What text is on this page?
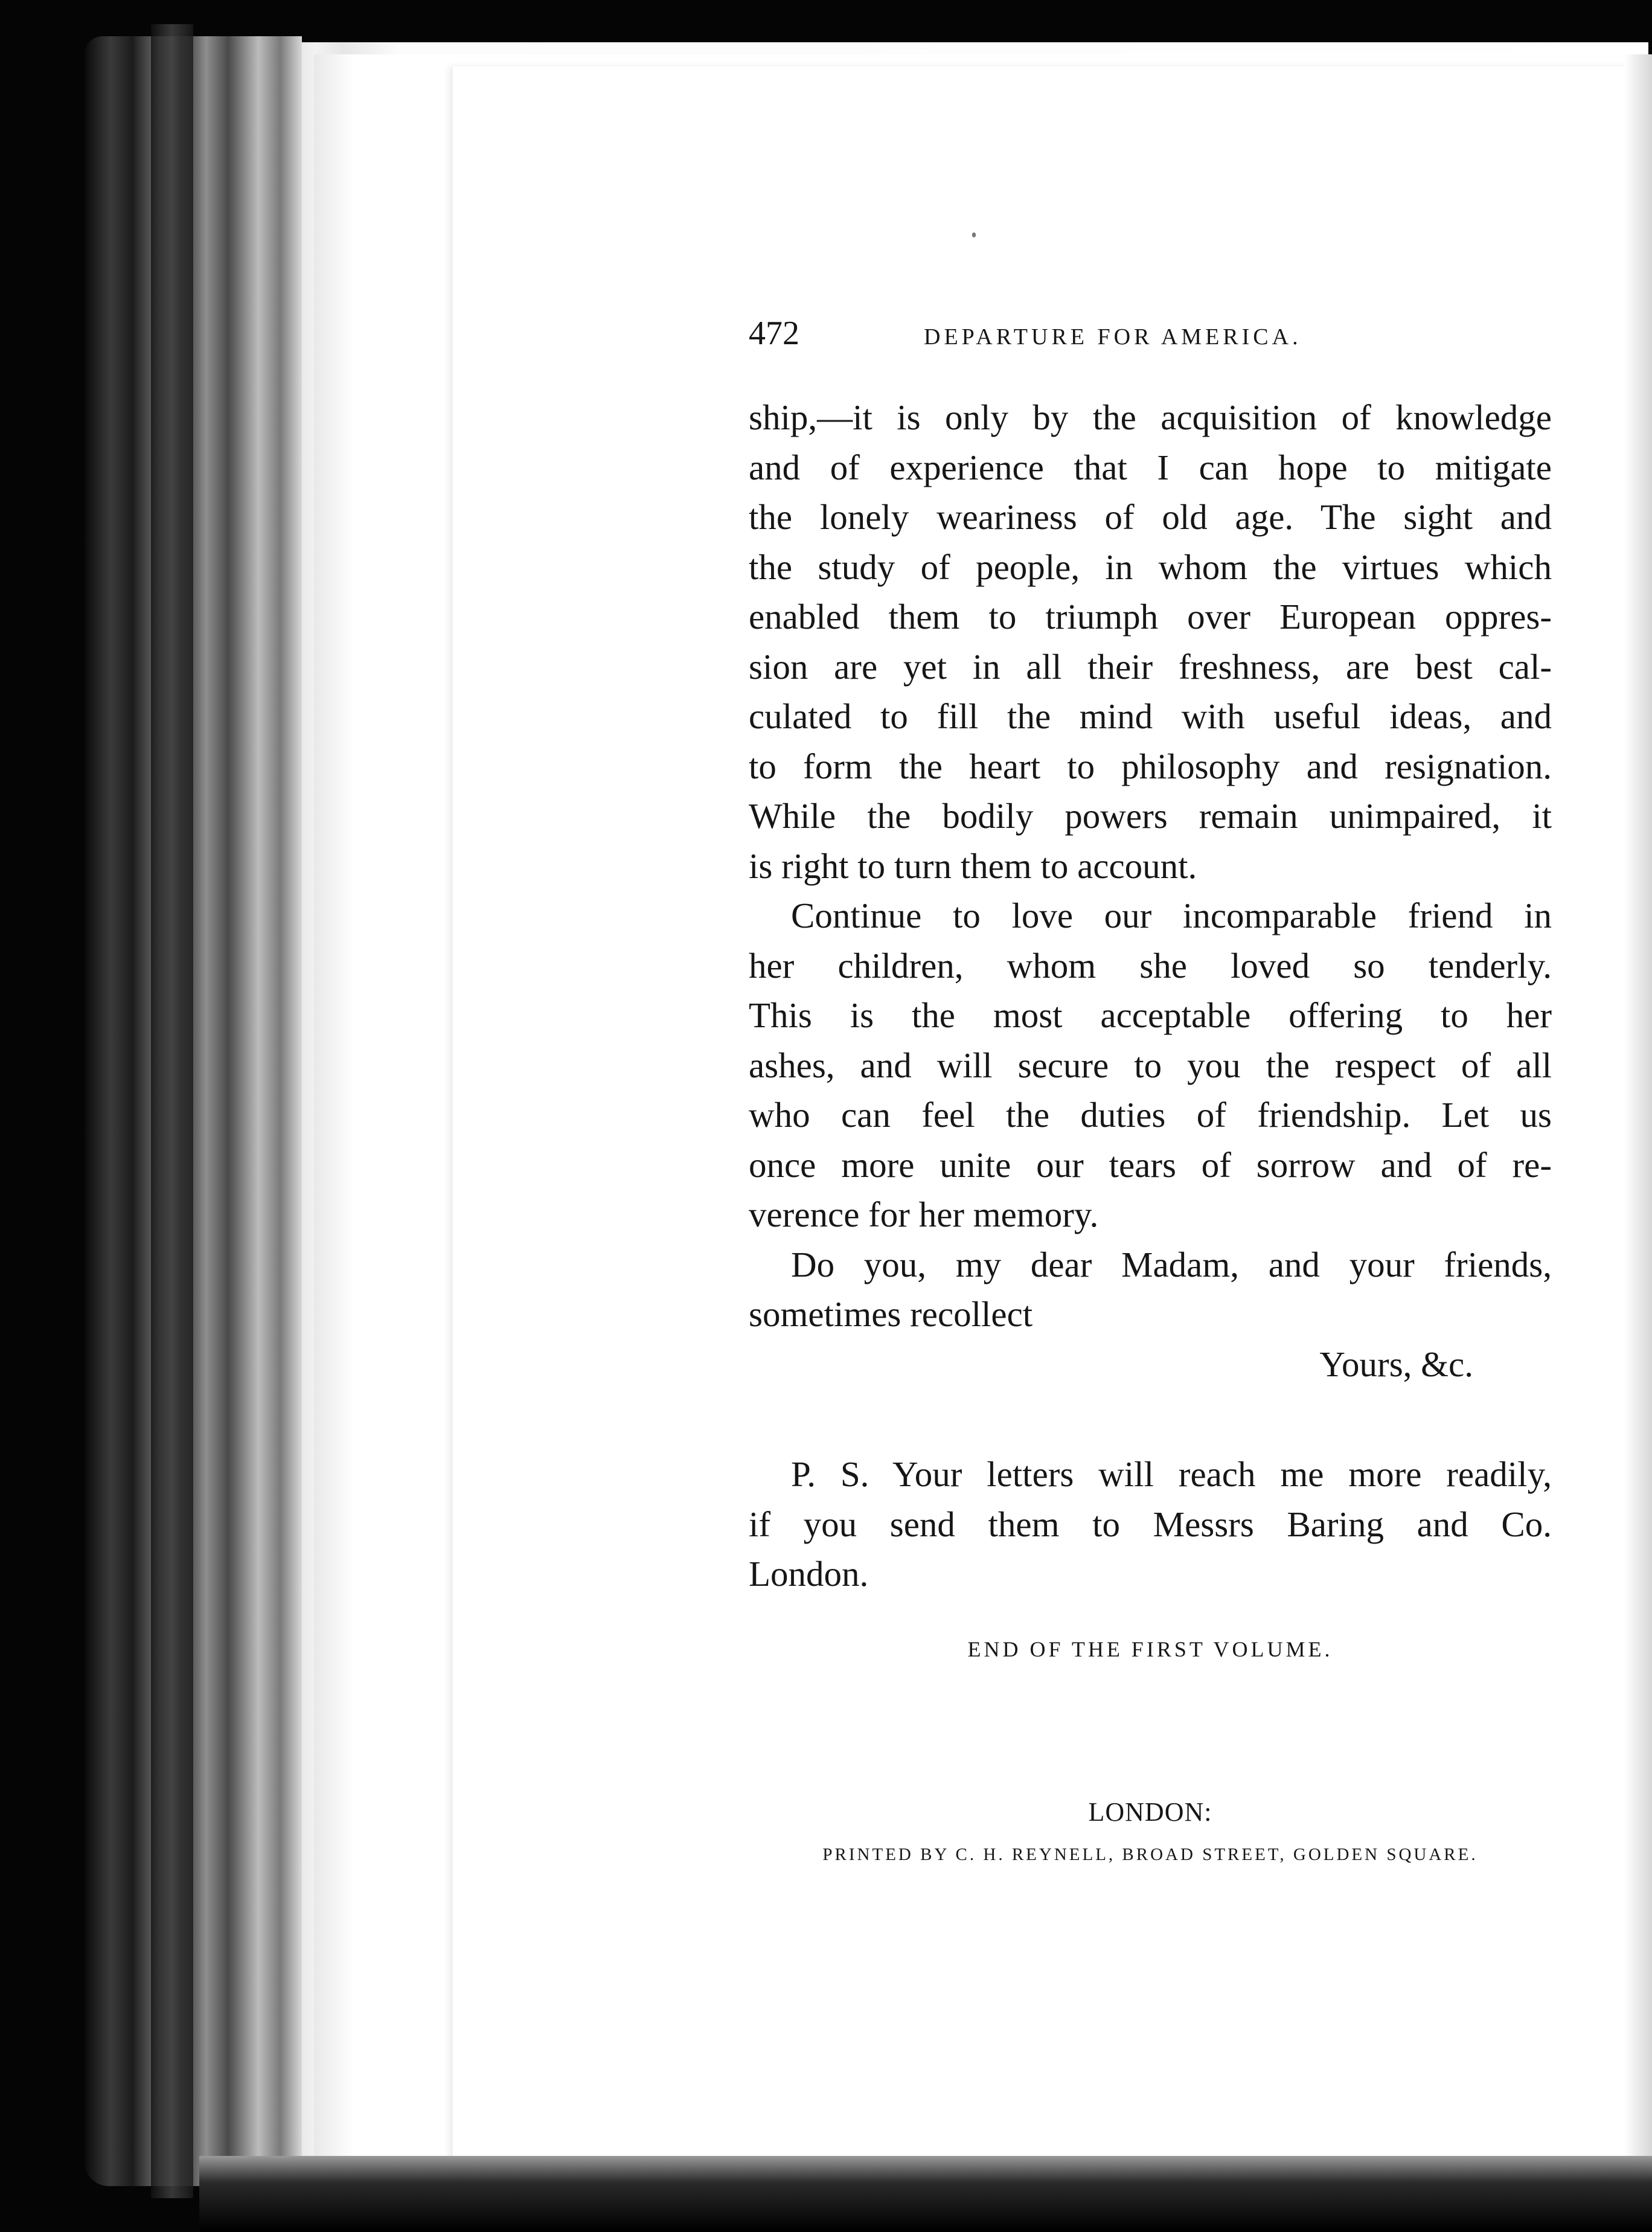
472	DEPARTURE FOR AMERICA.
ship,—it is only by the acquisition of knowledge
and of experience that I can hope to mitigate
the lonely weariness of old age. The sight and
the study of people, in whom the virtues which
enabled them to triumph over European oppres-
sion are yet in all their freshness, are best cal-
culated to fill the mind with useful ideas, and
to form the heart to philosophy and resignation.
While the bodily powers remain unimpaired, it
is right to turn them to account.
Continue to love our incomparable friend in
her children, whom she loved so tenderly.
This is the most acceptable offering to her
ashes, and will secure to you the respect of all
who can feel the duties of friendship. Let us
once more unite our tears of sorrow and of re-
verence for her memory.
Do you, my dear Madam, and your friends,
sometimes recollect
Yours, &c.
P. S. Your letters will reach me more readily,
if you send them to Messrs Baring and Co.
London.
END OF THE FIRST VOLUME.
LONDON:
PRINTED BY C. H. REYNELL, BROAD STREET, GOLDEN SQUARE.
